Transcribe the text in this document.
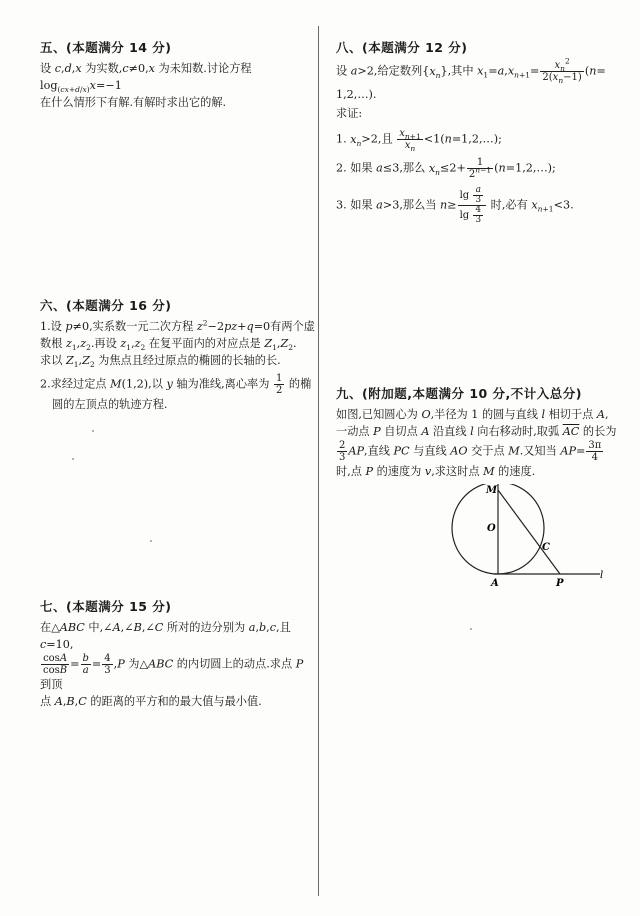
五、(本题满分 14 分)

设 c,d,x 为实数,c≠0,x 为未知数.讨论方程 $\log_{(cx+d/x)}x=-1$

在什么情形下有解.有解时求出它的解.

六、(本题满分 16 分)

1.设 p≠0,实系数一元二次方程 $z^2-2pz+q=0$有两个虚

数根 $z_1,z_2$.再设 $z_1,z_2$ 在复平面内的对应点是 $Z_1,Z_2$.

求以 $Z_1,Z_2$ 为焦点且经过原点的椭圆的长轴的长.

2.求经过定点 M(1,2),以 y 轴为准线,离心率为 $\frac{1}{2}$ 的椭

圆的左顶点的轨迹方程.

七、(本题满分 15 分)

在△ABC 中,∠A,∠B,∠C 所对的边分别为 a,b,c,且 c=10,

$\frac{\cos A}{\cos B} = \frac{b}{a} = \frac{4}{3} ,P$ 为△ABC 的内切圆上的动点.求点 P 到顶

点 A,B,C 的距离的平方和的最大值与最小值.

八、(本题满分 12 分)

设 a>2,给定数列$\{x_n\}$,其中 $x_1=a,x_{n+1}= \frac{x_n^2}{2(x_n-1)} (n=$

1,2,…).

求证:

1. $x_n>2$,且 $\frac{x_{n+1}}{x_n}$ <1(n=1,2,…);

2. 如果 a≤3,那么 $x_n\le 2+ \frac{1}{2^{n-1}}$ (n=1,2,…);

3. 如果 a>3,那么当 $n\ge \frac{\lg \frac{a}{3}}{\lg \frac{4}{3}}$ 时,必有 $x_{n+1}<3$.

九、(附加题,本题满分 10 分,不计入总分)

如图,已知圆心为 O,半径为 1 的圆与直线 l 相切于点 A,

一动点 P 自切点 A 沿直线 l 向右移动时,取弧 $\overline{AC}$ 的长为

$\frac{2}{3}$ AP,直线 PC 与直线 AO 交于点 M.又知当 $AP= \frac{3\pi}{4}$

时,点 P 的速度为 v,求这时点 M 的速度.

M
O
C
A	P
l
